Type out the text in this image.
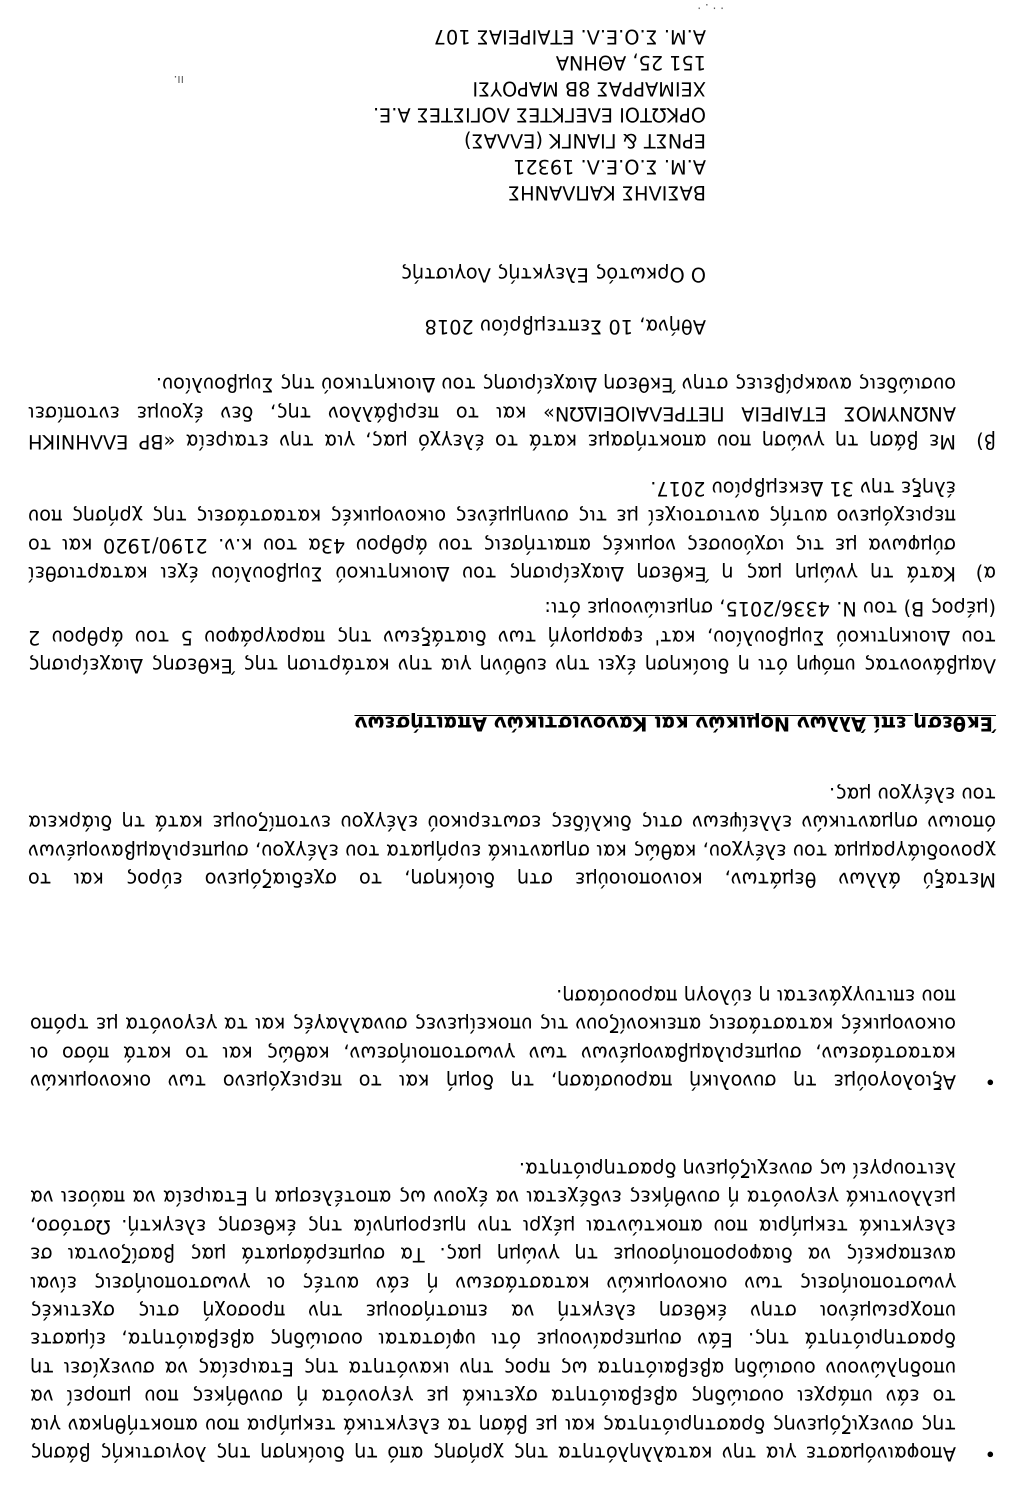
ıı.
•
Αποφαινόμαστε για την καταλληλότητα της χρήσης από τη διοίκηση της λογιστικής βάσης της συνεχιζόμενης δραστηριότητας και με βάση τα ελεγκτικά τεκμήρια που αποκτήθηκαν για το εάν υπάρχει ουσιώδης αβεβαιότητα σχετικά με γεγονότα ή συνθήκες που μπορεί να υποδηλώνουν ουσιώδη αβεβαιότητα ως προς την ικανότητα της Εταιρείας να συνεχίσει τη δραστηριότητά της. Εάν συμπεραίνουμε ότι υφίσταται ουσιώδης αβεβαιότητα, είμαστε υποχρεωμένοι στην έκθεση ελεγκτή να επιστήσουμε την προσοχή στις σχετικές γνωστοποιήσεις των οικονομικών καταστάσεων ή εάν αυτές οι γνωστοποιήσεις είναι ανεπαρκείς να διαφοροποιήσουμε τη γνώμη μας. Τα συμπεράσματά μας βασίζονται σε ελεγκτικά τεκμήρια που αποκτώνται μέχρι την ημερομηνία της έκθεσης ελεγκτή. Ωστόσο, μελλοντικά γεγονότα ή συνθήκες ενδέχεται να έχουν ως αποτέλεσμα η Εταιρεία να παύσει να λειτουργεί ως συνεχιζόμενη δραστηριότητα.
•
Αξιολογούμε τη συνολική παρουσίαση, τη δομή και το περιεχόμενο των οικονομικών καταστάσεων, συμπεριλαμβανομένων των γνωστοποιήσεων, καθώς και το κατά πόσο οι οικονομικές καταστάσεις απεικονίζουν τις υποκείμενες συναλλαγές και τα γεγονότα με τρόπο που επιτυγχάνεται η εύλογη παρουσίαση.
Μεταξύ άλλων θεμάτων, κοινοποιούμε στη διοίκηση, το σχεδιαζόμενο εύρος και το χρονοδιάγραμμα του ελέγχου, καθώς και σημαντικά ευρήματα του ελέγχου, συμπεριλαμβανομένων όποιων σημαντικών ελλείψεων στις δικλίδες εσωτερικού ελέγχου εντοπίζουμε κατά τη διάρκεια του ελέγχου μας.
Έκθεση επί Άλλων Νομικών και Κανονιστικών Απαιτήσεων
Λαμβάνοντας υπόψη ότι η διοίκηση έχει την ευθύνη για την κατάρτιση της Έκθεσης Διαχείρισης του Διοικητικού Συμβουλίου, κατ' εφαρμογή των διατάξεων της παραγράφου 5 του άρθρου 2 (μέρος Β) του Ν. 4336/2015, σημειώνουμε ότι:
α)
Κατά τη γνώμη μας η Έκθεση Διαχείρισης του Διοικητικού Συμβουλίου έχει καταρτισθεί σύμφωνα με τις ισχύουσες νομικές απαιτήσεις του άρθρου 43α του κ.ν. 2190/1920 και το περιεχόμενο αυτής αντιστοιχεί με τις συνημμένες οικονομικές καταστάσεις της χρήσης που έληξε την 31 Δεκεμβρίου 2017.
β)
Με βάση τη γνώση που αποκτήσαμε κατά το έλεγχό μας, για την εταιρεία «ΒΡ ΕΛΛΗΝΙΚΗ ΑΝΩΝΥΜΟΣ ΕΤΑΙΡΕΙΑ ΠΕΤΡΕΛΑΙΟΕΙΔΩΝ» και το περιβάλλον της, δεν έχουμε εντοπίσει ουσιώδεις ανακρίβειες στην Έκθεση Διαχείρισης του Διοικητικού της Συμβουλίου.
Αθήνα, 10 Σεπτεμβρίου 2018
Ο Ορκωτός Ελεγκτής Λογιστής
ΒΑΣΙΛΗΣ ΚΑΠΛΑΝΗΣ
Α.Μ. Σ.Ο.Ε.Λ. 19321
ΕΡΝΣΤ & ΓΙΑΝΓΚ (ΕΛΛΑΣ)
ΟΡΚΩΤΟΙ ΕΛΕΓΚΤΕΣ ΛΟΓΙΣΤΕΣ Α.Ε.
ΧΕΙΜΑΡΡΑΣ 8Β ΜΑΡΟΥΣΙ
151 25, ΑΘΗΝΑ
Α.Μ. Σ.Ο.Ε.Λ. ΕΤΑΙΡΕΙΑΣ 107
· · . ·
